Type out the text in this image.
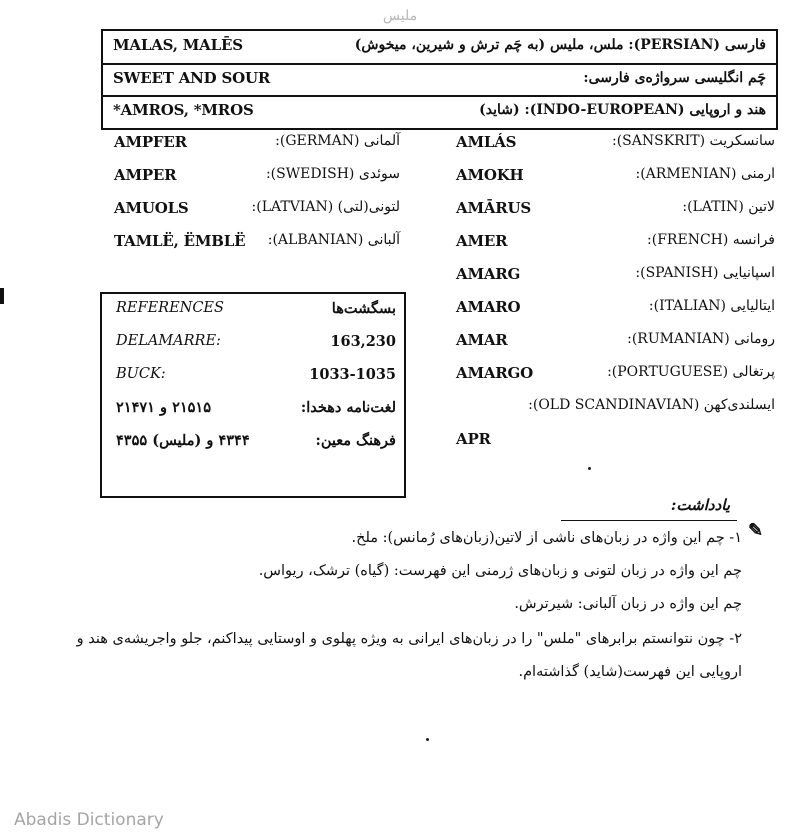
ملیس
MALAS, MALĒS	فارسی (PERSIAN): ملس، ملیس (به چَم ترش و شیرین، میخوش)
SWEET AND SOUR	چَم انگلیسی سرواژه‌ی فارسی:
*AMROS, *MROS	هند و اروپایی (INDO-EUROPEAN): (شاید)
AMLÁS	سانسکریت (SANSKRIT):
AMOKH	ارمنی (ARMENIAN):
AMĀRUS	لاتین (LATIN):
AMER	فرانسه (FRENCH):
AMARG	اسپانیایی (SPANISH):
AMARO	ایتالیایی (ITALIAN):
AMAR	رومانی (RUMANIAN):
AMARGO	پرتغالی (PORTUGUESE):
ایسلندی‌کهن (OLD SCANDINAVIAN):
APR
AMPFER	آلمانی (GERMAN):
AMPER	سوئدی (SWEDISH):
AMUOLS	لتونی(لتی) (LATVIAN):
TAMLË, ËMBLË آلبانی (ALBANIAN):
REFERENCES	بسگشت‌ها
DELAMARRE:	163,230
BUCK:	1033-1035
۲۱۵۱۵ و ۲۱۴۷۱	لغت‌نامه دهخدا:
۴۳۴۴ و (ملیس) ۴۳۵۵	فرهنگ معین:
یادداشت:
✎
۱- چم این واژه در زبان‌های ناشی از لاتین(زبان‌های رُمانس): ملخ.
چم این واژه در زبان لتونی و زبان‌های ژرمنی این فهرست: (گیاه) ترشک، ریواس.
چم این واژه در زبان آلبانی: شیرترش.
۲- چون نتوانستم برابرهای "ملس" را در زبان‌های ایرانی به ویژه پهلوی و اوستایی پیداکنم، جلو واجریشه‌ی هند و اروپایی این فهرست(شاید) گذاشته‌ام.
Abadis Dictionary
